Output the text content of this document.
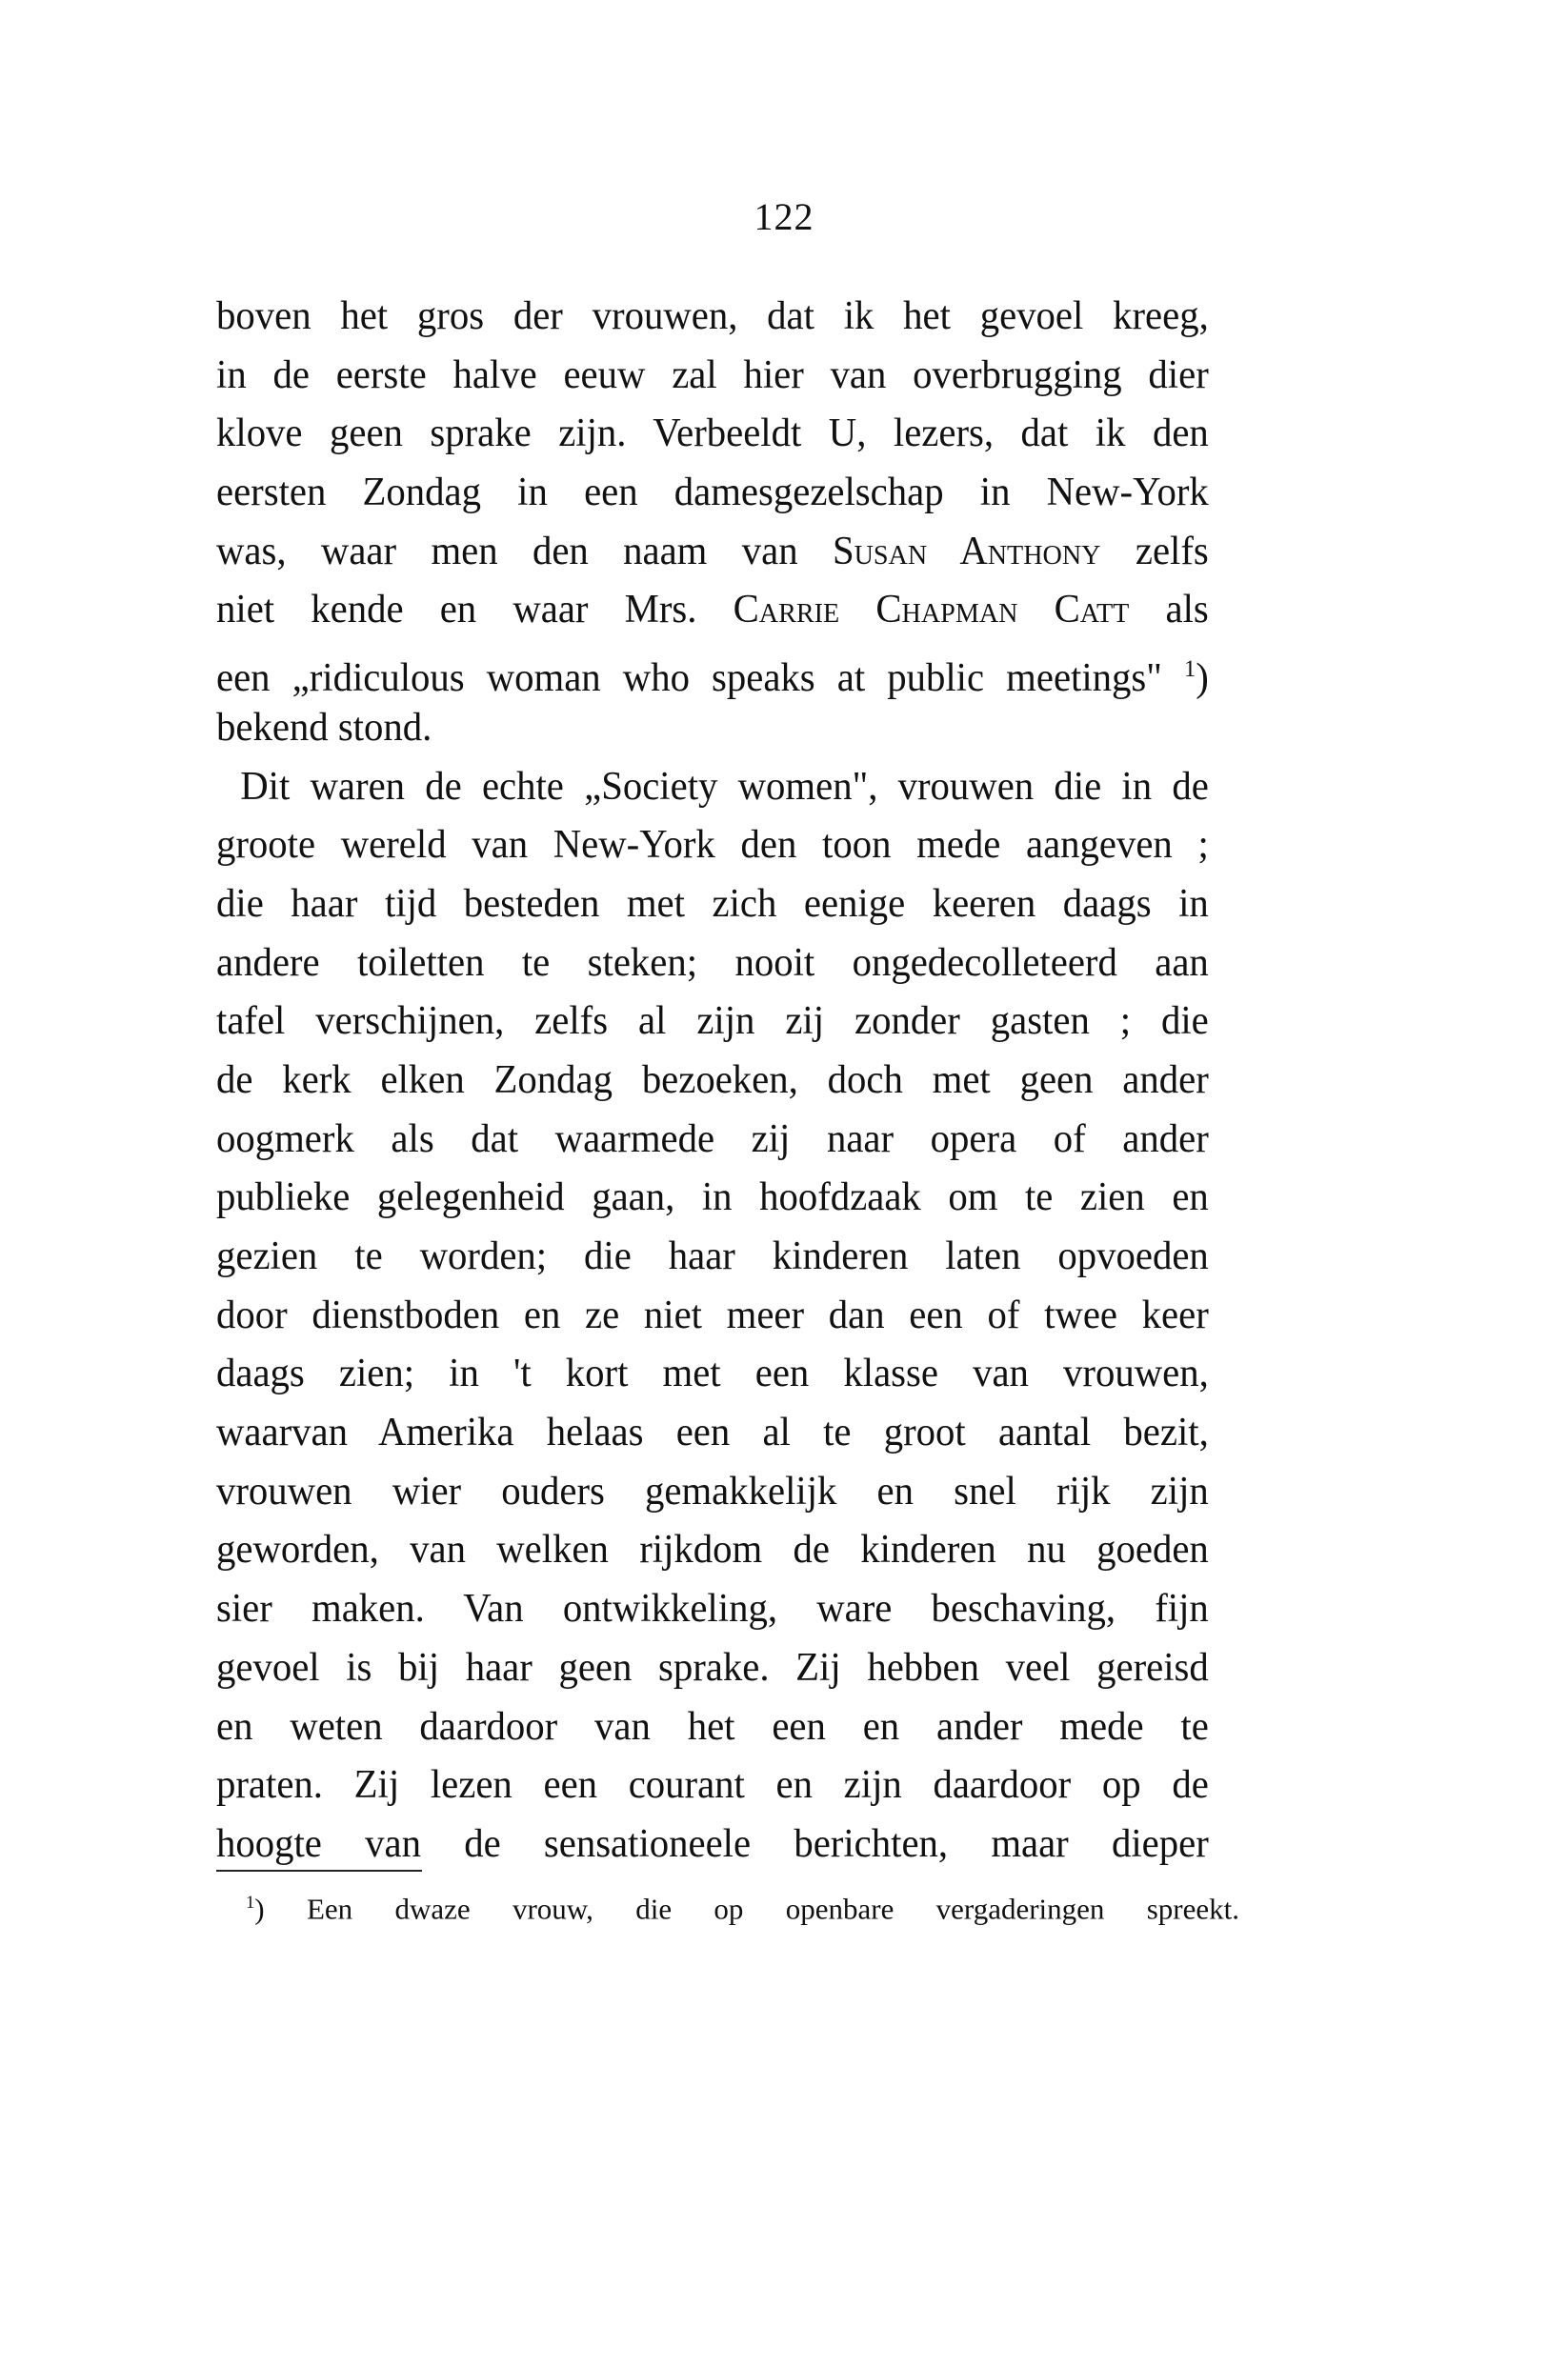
122
boven het gros der vrouwen, dat ik het gevoel kreeg,
in de eerste halve eeuw zal hier van overbrugging dier
klove geen sprake zijn. Verbeeldt U, lezers, dat ik den
eersten Zondag in een damesgezelschap in New-York
was, waar men den naam van Susan Anthony zelfs
niet kende en waar Mrs. Carrie Chapman Catt als
een „ridiculous woman who speaks at public meetings" $^1$)
bekend stond.
Dit waren de echte „Society women", vrouwen die in de
groote wereld van New-York den toon mede aangeven ;
die haar tijd besteden met zich eenige keeren daags in
andere toiletten te steken; nooit ongedecolleteerd aan
tafel verschijnen, zelfs al zijn zij zonder gasten ; die
de kerk elken Zondag bezoeken, doch met geen ander
oogmerk als dat waarmede zij naar opera of ander
publieke gelegenheid gaan, in hoofdzaak om te zien en
gezien te worden; die haar kinderen laten opvoeden
door dienstboden en ze niet meer dan een of twee keer
daags zien; in 't kort met een klasse van vrouwen,
waarvan Amerika helaas een al te groot aantal bezit,
vrouwen wier ouders gemakkelijk en snel rijk zijn
geworden, van welken rijkdom de kinderen nu goeden
sier maken. Van ontwikkeling, ware beschaving, fijn
gevoel is bij haar geen sprake. Zij hebben veel gereisd
en weten daardoor van het een en ander mede te
praten. Zij lezen een courant en zijn daardoor op de
hoogte van de sensationeele berichten, maar dieper
$^1$) Een dwaze vrouw, die op openbare vergaderingen spreekt.
